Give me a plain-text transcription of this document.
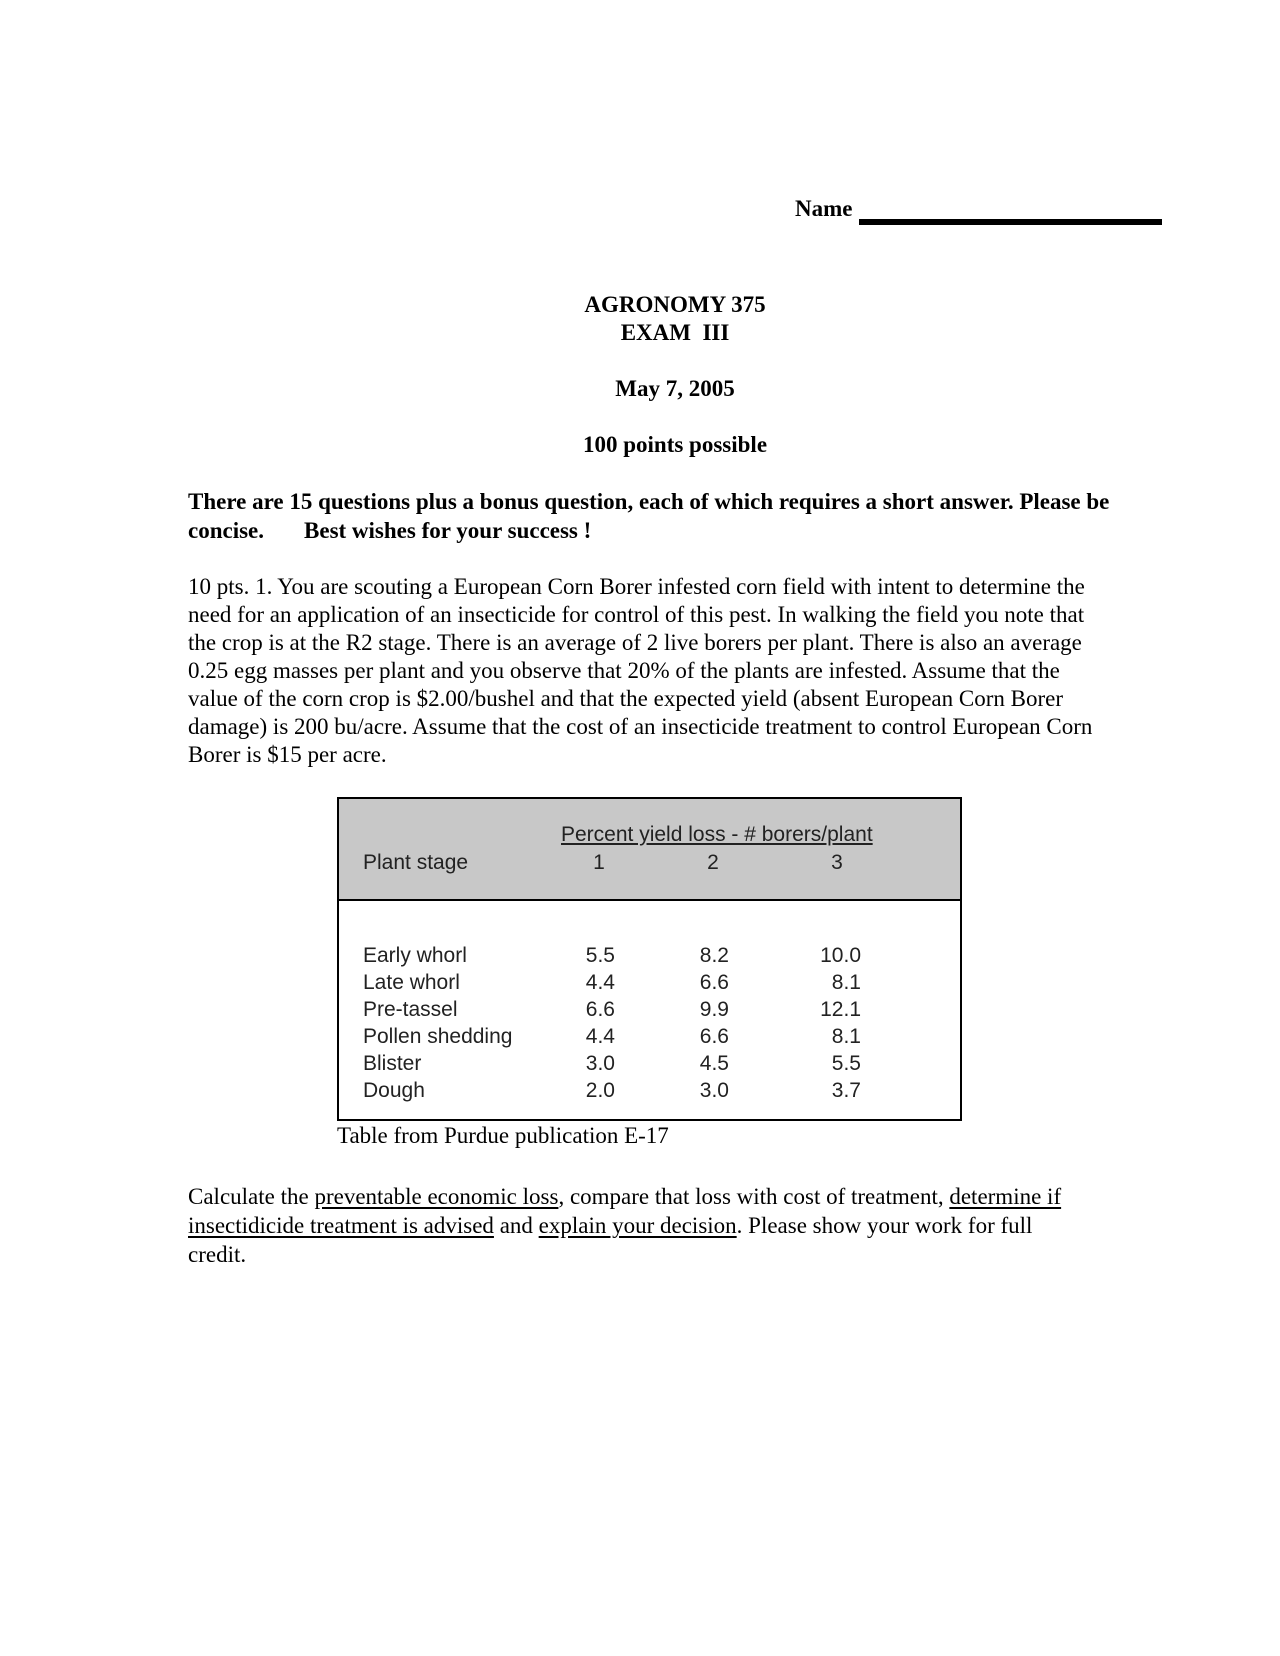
Name
AGRONOMY 375
EXAM  III
May 7, 2005
100 points possible
There are 15 questions plus a bonus question, each of which requires a short answer. Please be concise. Best wishes for your success !
10 pts. 1. You are scouting a European Corn Borer infested corn field with intent to determine the need for an application of an insecticide for control of this pest. In walking the field you note that the crop is at the R2 stage. There is an average of 2 live borers per plant. There is also an average 0.25 egg masses per plant and you observe that 20% of the plants are infested. Assume that the value of the corn crop is $2.00/bushel and that the expected yield (absent European Corn Borer damage) is 200 bu/acre. Assume that the cost of an insecticide treatment to control European Corn Borer is $15 per acre.
Percent yield loss - # borers/plant
Plant stage	1	2	3
Early whorl	5.5	8.2	10.0
Late whorl	4.4	6.6	8.1
Pre-tassel	6.6	9.9	12.1
Pollen shedding	4.4	6.6	8.1
Blister	3.0	4.5	5.5
Dough	2.0	3.0	3.7
Table from Purdue publication E-17
Calculate the preventable economic loss, compare that loss with cost of treatment, determine if insectidicide treatment is advised and explain your decision. Please show your work for full credit.
